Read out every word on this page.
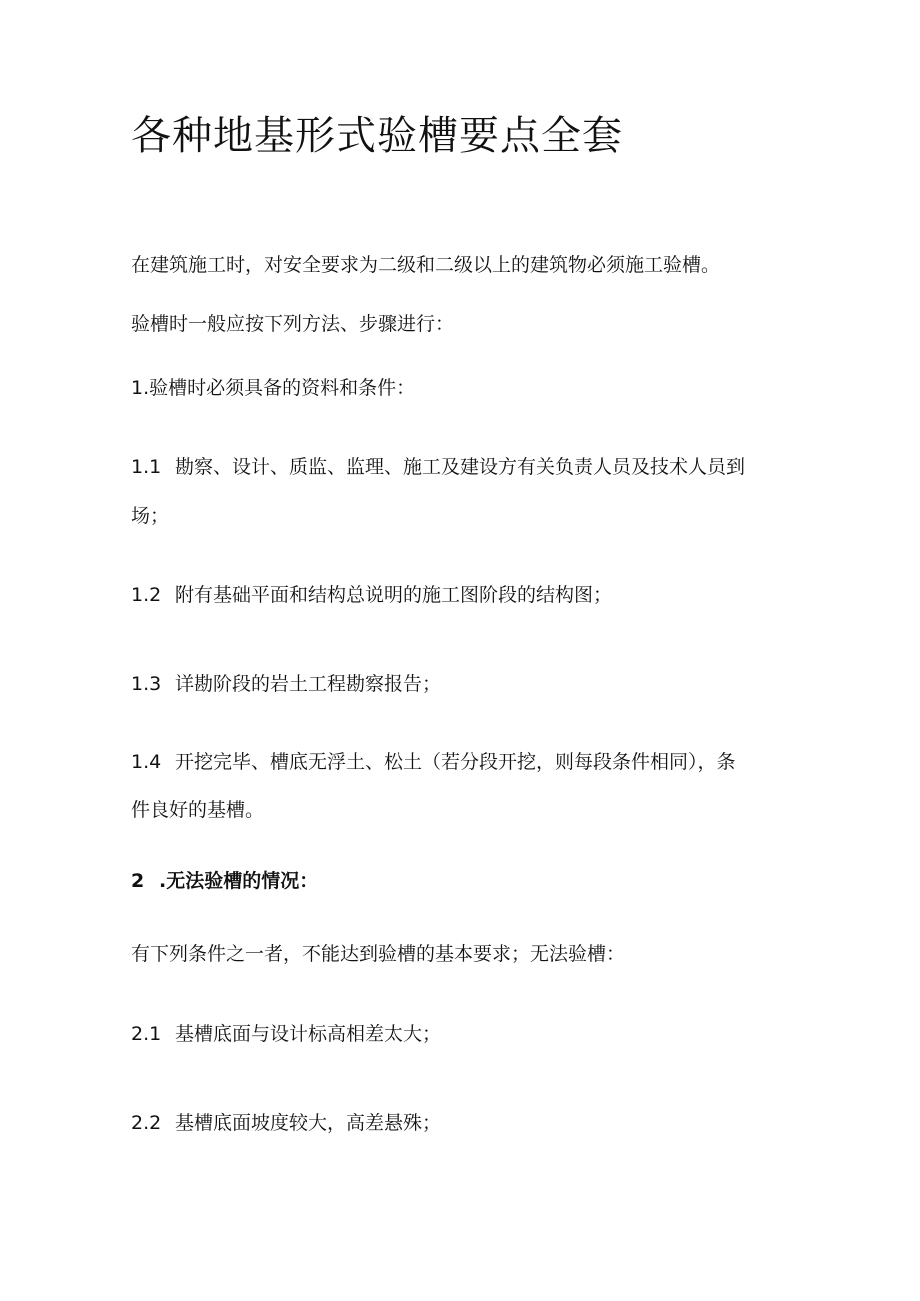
各种地基形式验槽要点全套

在建筑施工时，对安全要求为二级和二级以上的建筑物必须施工验槽。

验槽时一般应按下列方法、步骤进行：

1.验槽时必须具备的资料和条件：

1.1 勘察、设计、质监、监理、施工及建设方有关负责人员及技术人员到

场；

1.2 附有基础平面和结构总说明的施工图阶段的结构图；

1.3 详勘阶段的岩土工程勘察报告；

1.4 开挖完毕、槽底无浮土、松土（若分段开挖，则每段条件相同），条

件良好的基槽。

2 .无法验槽的情况：

有下列条件之一者，不能达到验槽的基本要求；无法验槽：

2.1 基槽底面与设计标高相差太大；

2.2 基槽底面坡度较大，高差悬殊；
